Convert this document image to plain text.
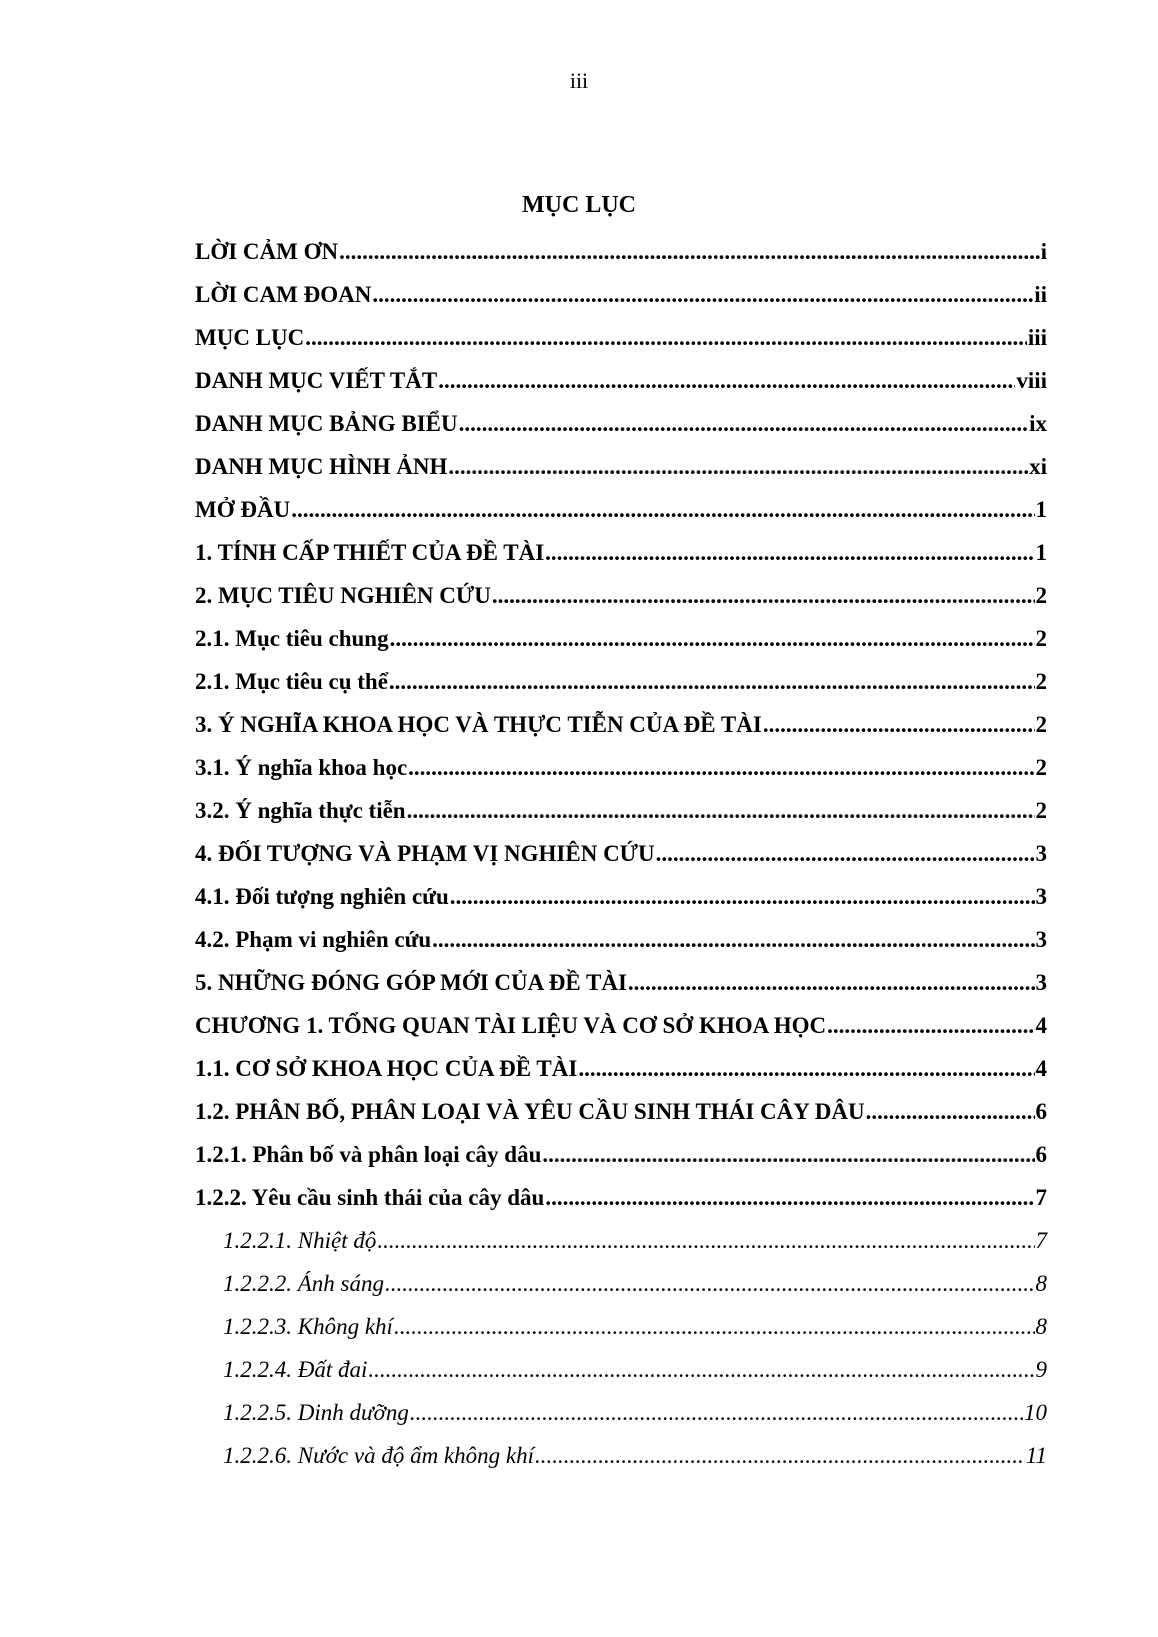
iii
MỤC LỤC
LỜI CẢM ƠN .....	i
LỜI CAM ĐOAN .....	ii
MỤC LỤC .....	iii
DANH MỤC VIẾT TẮT .....	viii
DANH MỤC BẢNG BIỂU .....	ix
DANH MỤC HÌNH ẢNH .....	xi
MỞ ĐẦU .....	1
1. TÍNH CẤP THIẾT CỦA ĐỀ TÀI .....	1
2. MỤC TIÊU NGHIÊN CỨU .....	2
2.1. Mục tiêu chung .....	2
2.1. Mục tiêu cụ thể .....	2
3. Ý NGHĨA KHOA HỌC VÀ THỰC TIỄN CỦA ĐỀ TÀI .....	2
3.1. Ý nghĩa khoa học .....	2
3.2. Ý nghĩa thực tiễn .....	2
4. ĐỐI TƯỢNG VÀ PHẠM VỊ NGHIÊN CỨU .....	3
4.1. Đối tượng nghiên cứu .....	3
4.2. Phạm vi nghiên cứu .....	3
5. NHỮNG ĐÓNG GÓP MỚI CỦA ĐỀ TÀI .....	3
CHƯƠNG 1. TỔNG QUAN TÀI LIỆU VÀ CƠ SỞ KHOA HỌC .....	4
1.1. CƠ SỞ KHOA HỌC CỦA ĐỀ TÀI .....	4
1.2. PHÂN BỐ, PHÂN LOẠI VÀ YÊU CẦU SINH THÁI CÂY DÂU .....	6
1.2.1. Phân bố và phân loại cây dâu .....	6
1.2.2. Yêu cầu sinh thái của cây dâu .....	7
1.2.2.1. Nhiệt độ .....	7
1.2.2.2. Ánh sáng .....	8
1.2.2.3. Không khí .....	8
1.2.2.4. Đất đai .....	9
1.2.2.5. Dinh dưỡng .....	10
1.2.2.6. Nước và độ ẩm không khí .....	11
